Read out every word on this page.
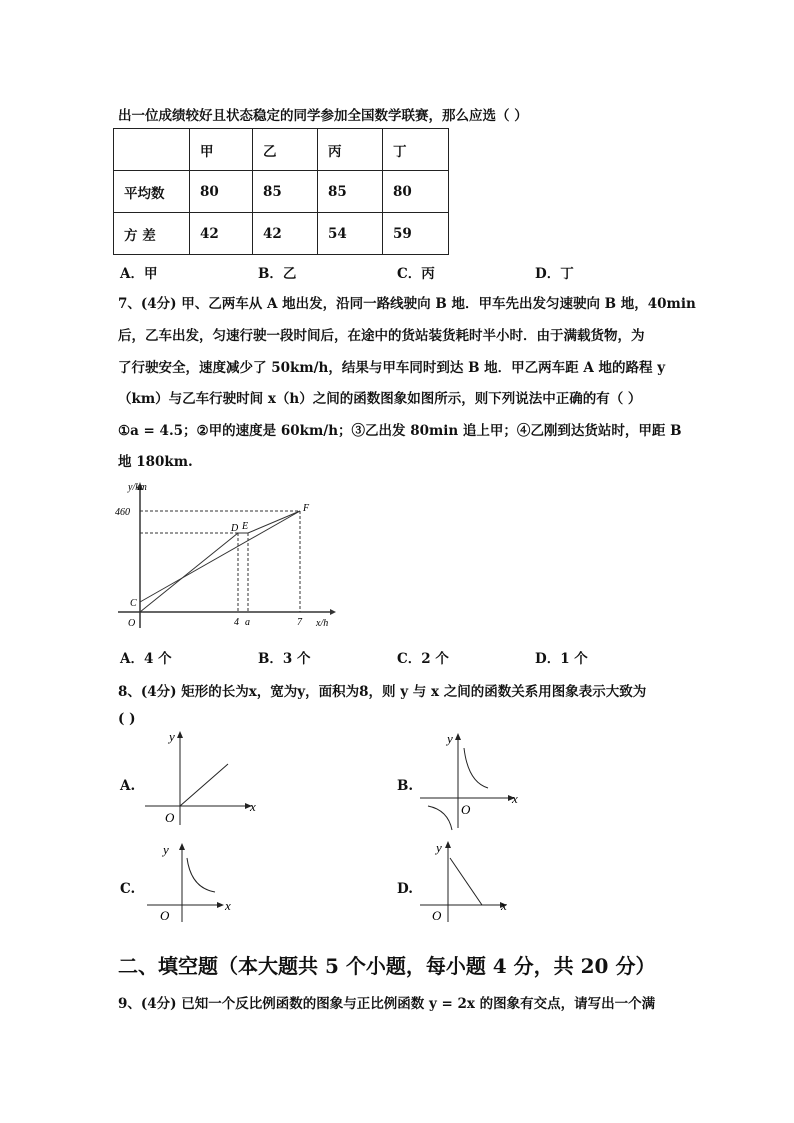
出一位成绩较好且状态稳定的同学参加全国数学联赛，那么应选（ ）
	甲	乙	丙	丁
平均数	80	85	85	80
方 差	42	42	54	59
A．甲	B．乙	C．丙	D．丁
7、(4分) 甲、乙两车从 A 地出发，沿同一路线驶向 B 地．甲车先出发匀速驶向 B 地，40min
后，乙车出发，匀速行驶一段时间后，在途中的货站装货耗时半小时．由于满载货物，为
了行驶安全，速度减少了 50km/h，结果与甲车同时到达 B 地．甲乙两车距 A 地的路程 y
（km）与乙车行驶时间 x（h）之间的函数图象如图所示，则下列说法中正确的有（ ）
①a = 4.5；②甲的速度是 60km/h；③乙出发 80min 追上甲；④乙刚到达货站时，甲距 B
地 180km.
y/km
460
4 a	7 x/h
O
C
D E
F
A．4 个	B．3 个	C．2 个	D．1 个
8、(4分) 矩形的长为x，宽为y，面积为8，则 y 与 x 之间的函数关系用图象表示大致为
( )
A.
x
y
O
B.
x
y
O
C.
x
y
O
D.
x
y
O
二、填空题（本大题共 5 个小题，每小题 4 分，共 20 分）
9、(4分) 已知一个反比例函数的图象与正比例函数 y = 2x 的图象有交点，请写出一个满
